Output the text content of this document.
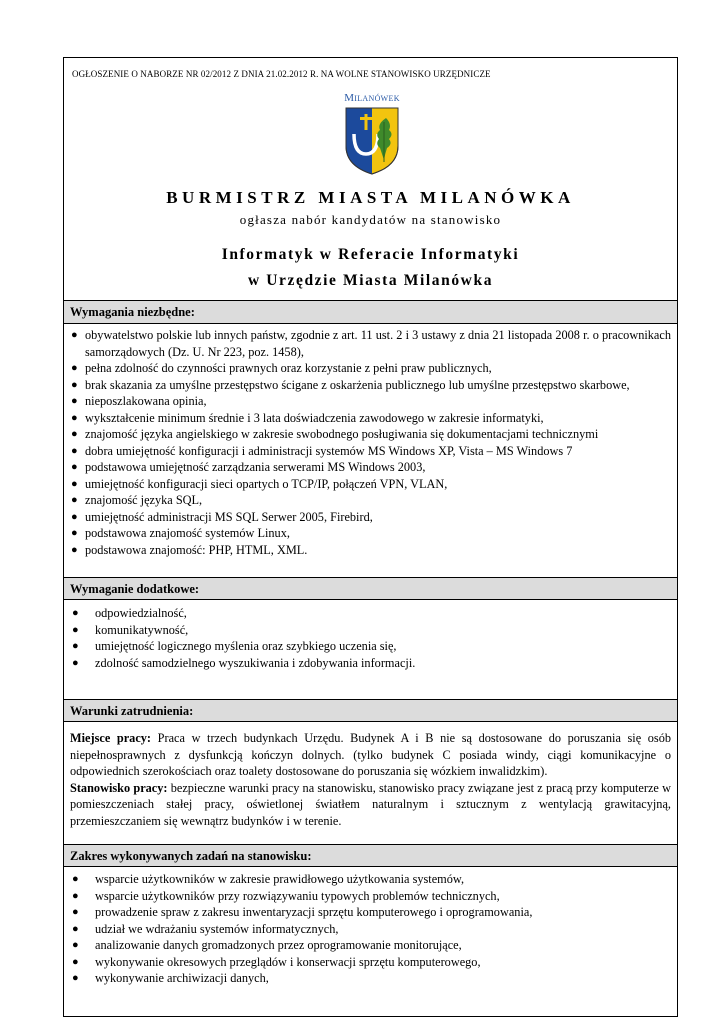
OGŁOSZENIE O NABORZE NR 02/2012 Z DNIA 21.02.2012 R. NA WOLNE STANOWISKO URZĘDNICZE
Milanówek
BURMISTRZ MIASTA MILANÓWKA
ogłasza nabór kandydatów na stanowisko
Informatyk w Referacie Informatyki
w Urzędzie Miasta Milanówka
Wymagania niezbędne:
● obywatelstwo polskie lub innych państw, zgodnie z art. 11 ust. 2 i 3 ustawy z dnia 21 listopada 2008 r. o pracownikach samorządowych (Dz. U. Nr 223, poz. 1458),
● pełna zdolność do czynności prawnych oraz korzystanie z pełni praw publicznych,
● brak skazania za umyślne przestępstwo ścigane z oskarżenia publicznego lub umyślne przestępstwo skarbowe,
● nieposzlakowana opinia,
● wykształcenie minimum średnie i 3 lata doświadczenia zawodowego w zakresie informatyki,
● znajomość języka angielskiego w zakresie swobodnego posługiwania się dokumentacjami technicznymi
● dobra umiejętność konfiguracji i administracji systemów MS Windows XP, Vista – MS Windows 7
● podstawowa umiejętność zarządzania serwerami MS Windows 2003,
● umiejętność konfiguracji sieci opartych o TCP/IP, połączeń VPN, VLAN,
● znajomość języka SQL,
● umiejętność administracji MS SQL Serwer 2005, Firebird,
● podstawowa znajomość systemów Linux,
● podstawowa znajomość: PHP, HTML, XML.
Wymaganie dodatkowe:
● odpowiedzialność,
● komunikatywność,
● umiejętność logicznego myślenia oraz szybkiego uczenia się,
● zdolność samodzielnego wyszukiwania i zdobywania informacji.
Warunki zatrudnienia:
Miejsce pracy: Praca w trzech budynkach Urzędu. Budynek A i B nie są dostosowane do poruszania się osób niepełnosprawnych z dysfunkcją kończyn dolnych. (tylko budynek C posiada windy, ciągi komunikacyjne o odpowiednich szerokościach oraz toalety dostosowane do poruszania się wózkiem inwalidzkim).
Stanowisko pracy: bezpieczne warunki pracy na stanowisku, stanowisko pracy związane jest z pracą przy komputerze w pomieszczeniach stałej pracy, oświetlonej światłem naturalnym i sztucznym z wentylacją grawitacyjną, przemieszczaniem się wewnątrz budynków i w terenie.
Zakres wykonywanych zadań na stanowisku:
● wsparcie użytkowników w zakresie prawidłowego użytkowania systemów,
● wsparcie użytkowników przy rozwiązywaniu typowych problemów technicznych,
● prowadzenie spraw z zakresu inwentaryzacji sprzętu komputerowego i oprogramowania,
● udział we wdrażaniu systemów informatycznych,
● analizowanie danych gromadzonych przez oprogramowanie monitorujące,
● wykonywanie okresowych przeglądów i konserwacji sprzętu komputerowego,
● wykonywanie archiwizacji danych,
